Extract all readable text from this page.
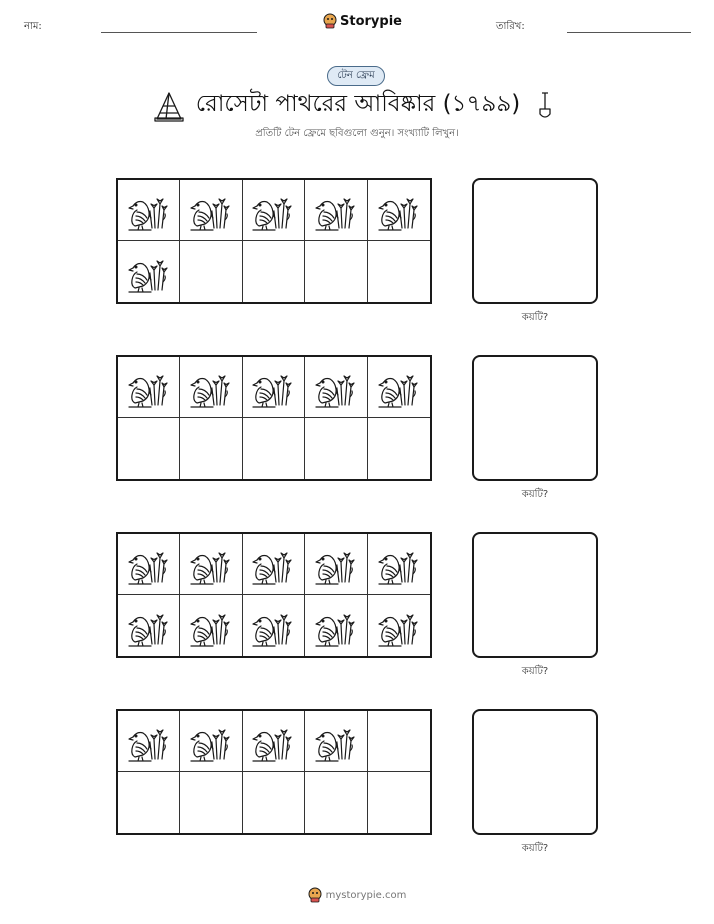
নাম:	Storypie	তারিখ:
টেন ফ্রেম
রোসেটা পাথরের আবিষ্কার (১৭৯৯)
প্রতিটি টেন ফ্রেমে ছবিগুলো গুনুন। সংখ্যাটি লিখুন।
কয়টি?
কয়টি?
কয়টি?
কয়টি?
mystorypie.com
